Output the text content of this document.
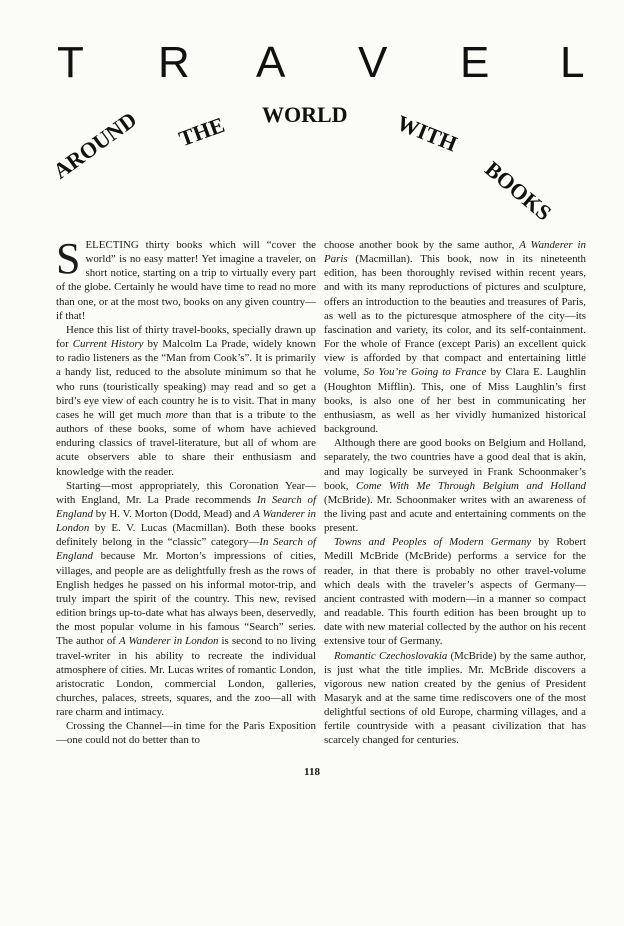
T R A V E L
AROUND THE WORLD WITH
BOOKS

SELECTING thirty books which will “cover the world” is no easy matter! Yet imagine a traveler, on short notice, starting on a trip to virtually every part of the globe. Certainly he would have time to read no more than one, or at the most two, books on any given country—if that!

Hence this list of thirty travel-books, specially drawn up for Current History by Malcolm La Prade, widely known to radio listeners as the “Man from Cook’s”. It is primarily a handy list, reduced to the absolute minimum so that he who runs (touristically speaking) may read and so get a bird’s eye view of each country he is to visit. That in many cases he will get much more than that is a tribute to the authors of these books, some of whom have achieved enduring classics of travel-literature, but all of whom are acute observers able to share their enthusiasm and knowledge with the reader.

Starting—most appropriately, this Coronation Year—with England, Mr. La Prade recommends In Search of England by H. V. Morton (Dodd, Mead) and A Wanderer in London by E. V. Lucas (Macmillan). Both these books definitely belong in the “classic” category—In Search of England because Mr. Morton’s impressions of cities, villages, and people are as delightfully fresh as the rows of English hedges he passed on his informal motor-trip, and truly impart the spirit of the country. This new, revised edition brings up-to-date what has always been, deservedly, the most popular volume in his famous “Search” series. The author of A Wanderer in London is second to no living travel-writer in his ability to recreate the individual atmosphere of cities. Mr. Lucas writes of romantic London, aristocratic London, commercial London, galleries, churches, palaces, streets, squares, and the zoo—all with rare charm and intimacy.

Crossing the Channel—in time for the Paris Exposition—one could not do better than to

choose another book by the same author, A Wanderer in Paris (Macmillan). This book, now in its nineteenth edition, has been thoroughly revised within recent years, and with its many reproductions of pictures and sculpture, offers an introduction to the beauties and treasures of Paris, as well as to the picturesque atmosphere of the city—its fascination and variety, its color, and its self-containment. For the whole of France (except Paris) an excellent quick view is afforded by that compact and entertaining little volume, So You’re Going to France by Clara E. Laughlin (Houghton Mifflin). This, one of Miss Laughlin’s first books, is also one of her best in communicating her enthusiasm, as well as her vividly humanized historical background.

Although there are good books on Belgium and Holland, separately, the two countries have a good deal that is akin, and may logically be surveyed in Frank Schoonmaker’s book, Come With Me Through Belgium and Holland (McBride). Mr. Schoonmaker writes with an awareness of the living past and acute and entertaining comments on the present.

Towns and Peoples of Modern Germany by Robert Medill McBride (McBride) performs a service for the reader, in that there is probably no other travel-volume which deals with the traveler’s aspects of Germany—ancient contrasted with modern—in a manner so compact and readable. This fourth edition has been brought up to date with new material collected by the author on his recent extensive tour of Germany.

Romantic Czechoslovakia (McBride) by the same author, is just what the title implies. Mr. McBride discovers a vigorous new nation created by the genius of President Masaryk and at the same time rediscovers one of the most delightful sections of old Europe, charming villages, and a fertile countryside with a peasant civilization that has scarcely changed for centuries.

118
